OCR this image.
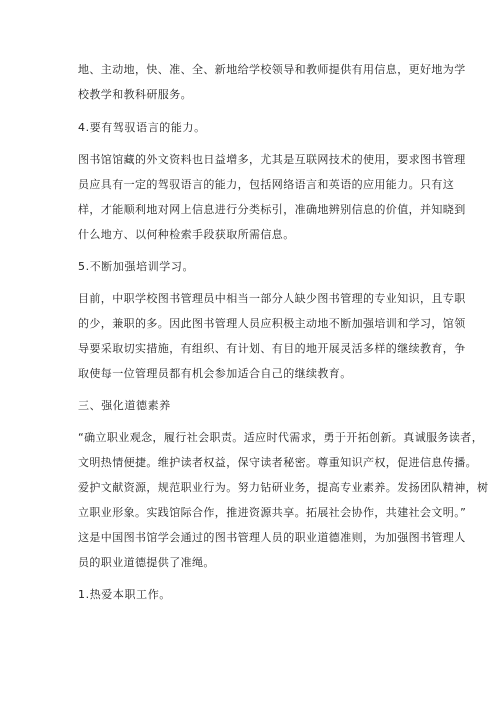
地、主动地，快、准、全、新地给学校领导和教师提供有用信息，更好地为学
校教学和教科研服务。
4.要有驾驭语言的能力。
图书馆馆藏的外文资料也日益增多，尤其是互联网技术的使用，要求图书管理
员应具有一定的驾驭语言的能力，包括网络语言和英语的应用能力。只有这
样，才能顺利地对网上信息进行分类标引，准确地辨别信息的价值，并知晓到
什么地方、以何种检索手段获取所需信息。
5.不断加强培训学习。
目前，中职学校图书管理员中相当一部分人缺少图书管理的专业知识，且专职
的少，兼职的多。因此图书管理人员应积极主动地不断加强培训和学习，馆领
导要采取切实措施，有组织、有计划、有目的地开展灵活多样的继续教育，争
取使每一位管理员都有机会参加适合自己的继续教育。
三、强化道德素养
“确立职业观念，履行社会职责。适应时代需求，勇于开拓创新。真诚服务读者，
文明热情便捷。维护读者权益，保守读者秘密。尊重知识产权，促进信息传播。
爱护文献资源，规范职业行为。努力钻研业务，提高专业素养。发扬团队精神，树
立职业形象。实践馆际合作，推进资源共享。拓展社会协作，共建社会文明。”
这是中国图书馆学会通过的图书管理人员的职业道德准则，为加强图书管理人
员的职业道德提供了准绳。
1.热爱本职工作。
